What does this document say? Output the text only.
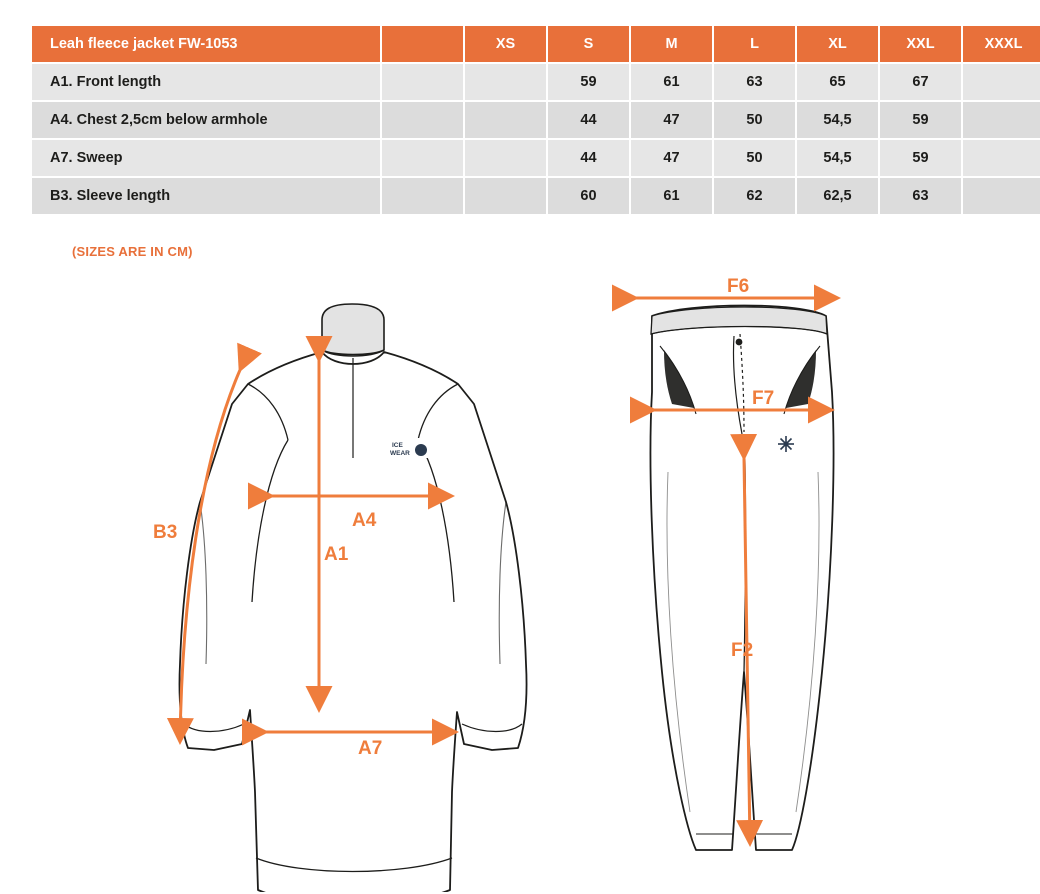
Leah fleece jacket FW-1053		XS	S	M	L	XL	XXL	XXXL
A1. Front length			59	61	63	65	67	
A4. Chest 2,5cm below armhole			44	47	50	54,5	59	
A7. Sweep			44	47	50	54,5	59	
B3. Sleeve length			60	61	62	62,5	63	
(SIZES ARE IN CM)
ICE
WEAR
B3
A4
A1
A7
F6
F7
F2
